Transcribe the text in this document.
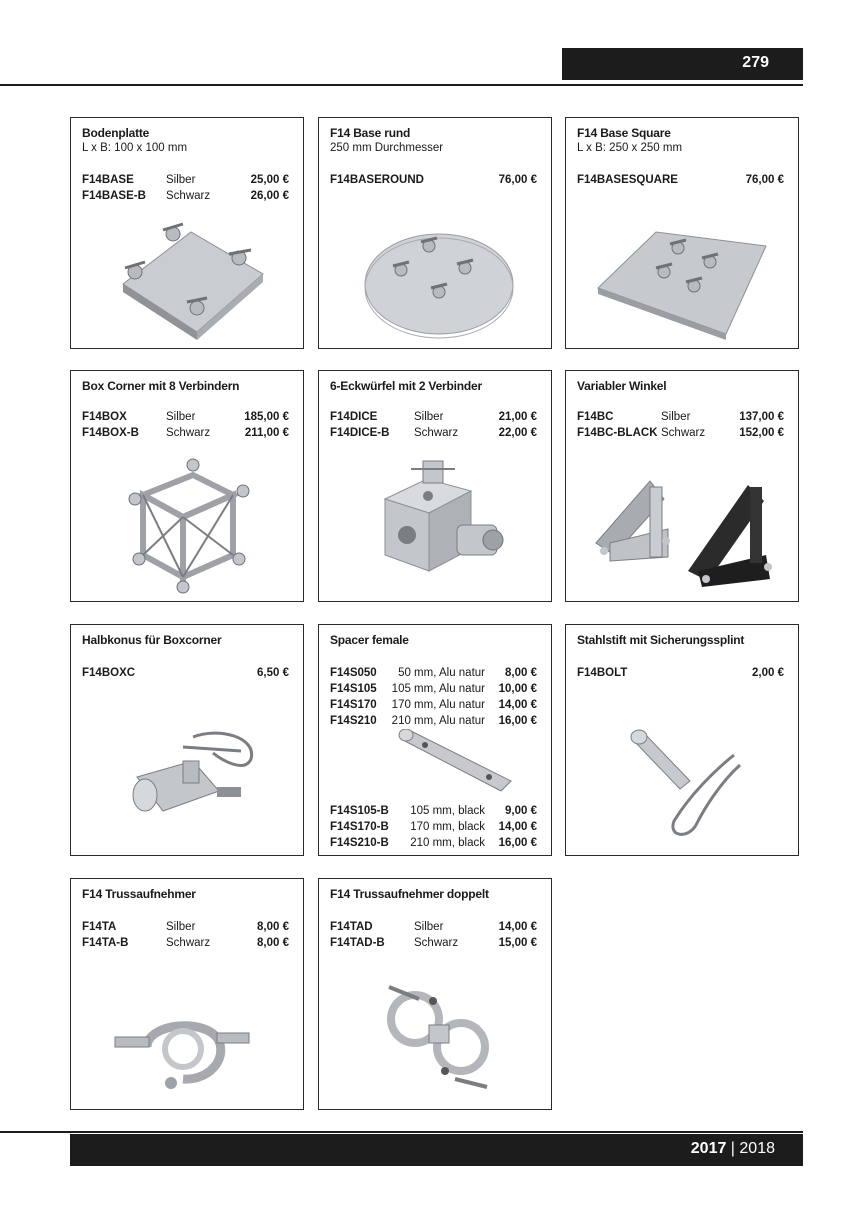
279
Bodenplatte
L x B: 100 x 100 mm
F14BASE	Silber	25,00 €
F14BASE-B Schwarz	26,00 €
F14 Base rund
250 mm Durchmesser
F14BASEROUND	76,00 €
F14 Base Square
L x B: 250 x 250 mm
F14BASESQUARE	76,00 €
Box Corner mit 8 Verbindern
F14BOX	Silber	185,00 €
F14BOX-B Schwarz	211,00 €
6-Eckwürfel mit 2 Verbinder
F14DICE	Silber	21,00 €
F14DICE-B Schwarz	22,00 €
Variabler Winkel
F14BC	Silber	137,00 €
F14BC-BLACK Schwarz	152,00 €
Halbkonus für Boxcorner
F14BOXC	6,50 €
Spacer female
F14S050 50 mm, Alu natur 8,00 €
F14S105 105 mm, Alu natur 10,00 €
F14S170 170 mm, Alu natur 14,00 €
F14S210 210 mm, Alu natur 16,00 €
F14S105-B 105 mm, black 9,00 €
F14S170-B 170 mm, black 14,00 €
F14S210-B 210 mm, black 16,00 €
Stahlstift mit Sicherungssplint
F14BOLT	2,00 €
F14 Trussaufnehmer
F14TA	Silber	8,00 €
F14TA-B	Schwarz	8,00 €
F14 Trussaufnehmer doppelt
F14TAD	Silber	14,00 €
F14TAD-B	Schwarz	15,00 €
2017 | 2018
